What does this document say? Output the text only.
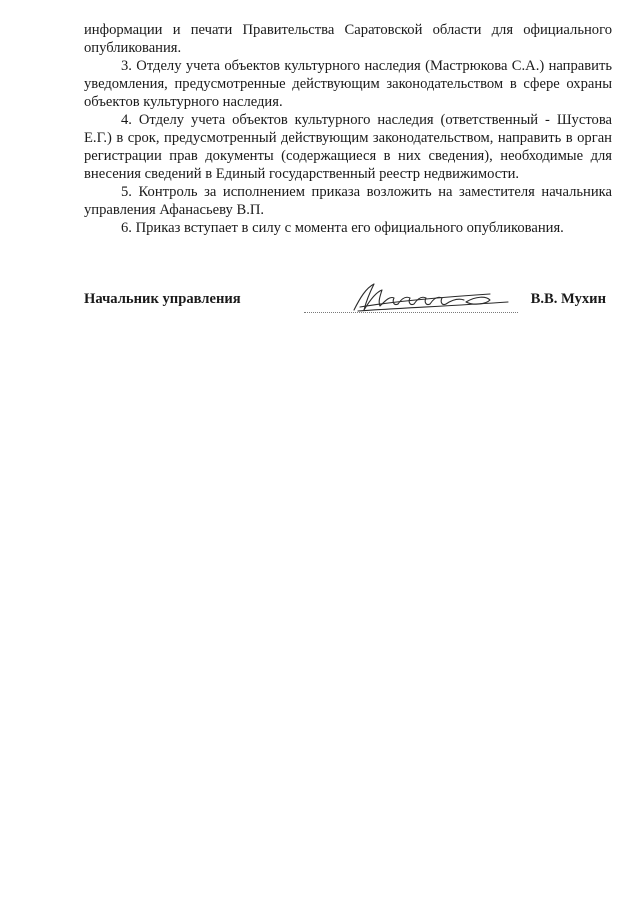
информации и печати Правительства Саратовской области для официального опубликования.

3. Отделу учета объектов культурного наследия (Мастрюкова С.А.) направить уведомления, предусмотренные действующим законодательством в сфере охраны объектов культурного наследия.

4. Отделу учета объектов культурного наследия (ответственный - Шустова Е.Г.) в срок, предусмотренный действующим законодательством, направить в орган регистрации прав документы (содержащиеся в них сведения), необходимые для внесения сведений в Единый государственный реестр недвижимости.

5. Контроль за исполнением приказа возложить на заместителя начальника управления Афанасьеву В.П.

6. Приказ вступает в силу с момента его официального опубликования.

Начальник управления	В.В. Мухин
